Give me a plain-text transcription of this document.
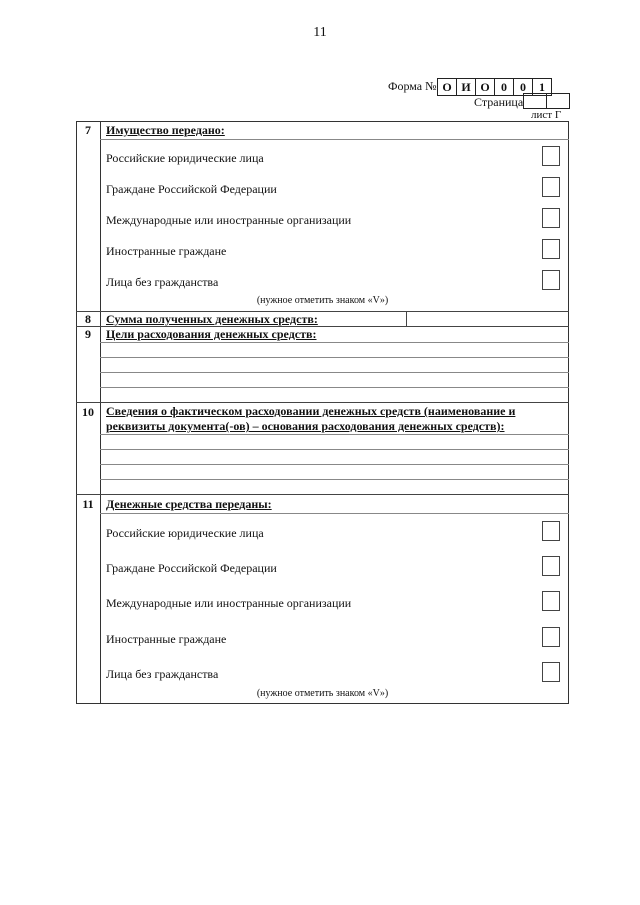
11
Форма № О И О 0	0	1
Страница
лист Г
7	Имущество передано:
Российские юридические лица
Граждане Российской Федерации
Международные или иностранные организации
Иностранные граждане
Лица без гражданства
(нужное отметить знаком «V»)
8	Сумма полученных денежных средств:
9	Цели расходования денежных средств:
10	Сведения о фактическом расходовании денежных средств (наименование и реквизиты документа(-ов) – основания расходования денежных средств):
11	Денежные средства переданы:
Российские юридические лица
Граждане Российской Федерации
Международные или иностранные организации
Иностранные граждане
Лица без гражданства
(нужное отметить знаком «V»)
